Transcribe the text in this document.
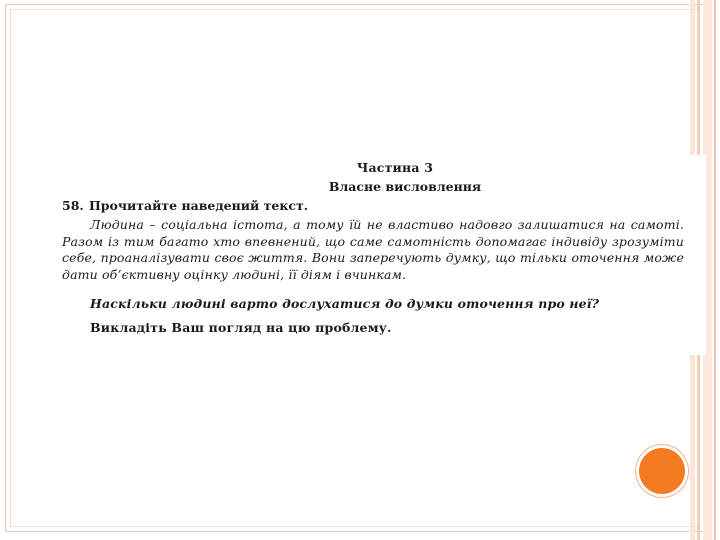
Частина 3
Власне висловлення
58. Прочитайте наведений текст.
Людина – соціальна істота, а тому їй не властиво надовго залишатися на самоті. Разом із тим багато хто впевнений, що саме самотність допомагає індивіду зрозуміти себе, проаналізувати своє життя. Вони заперечують думку, що тільки оточення може дати об’єктивну оцінку людині, її діям і вчинкам.
Наскільки людині варто дослухатися до думки оточення про неї?
Викладіть Ваш погляд на цю проблему.
